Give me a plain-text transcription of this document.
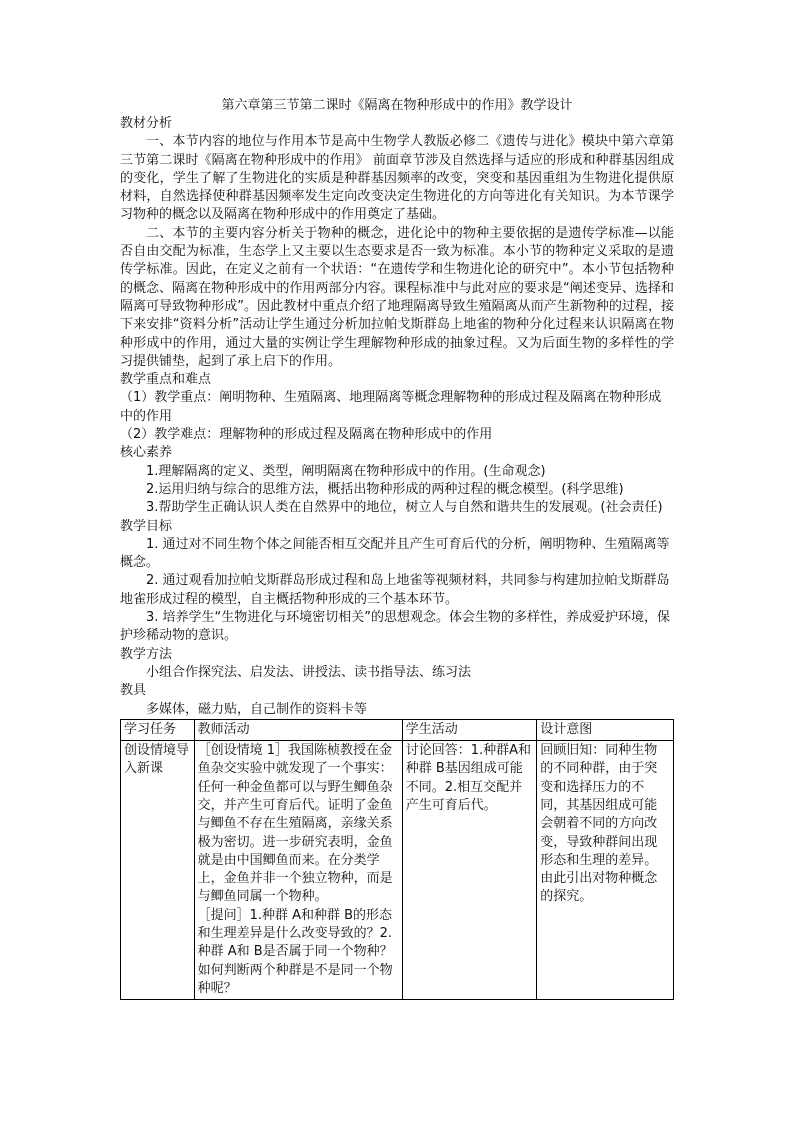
第六章第三节第二课时《隔离在物种形成中的作用》教学设计

教材分析

一、本节内容的地位与作用本节是高中生物学人教版必修二《遗传与进化》模块中第六章第三节第二课时《隔离在物种形成中的作用》 前面章节涉及自然选择与适应的形成和种群基因组成的变化，学生了解了生物进化的实质是种群基因频率的改变，突变和基因重组为生物进化提供原材料，自然选择使种群基因频率发生定向改变决定生物进化的方向等进化有关知识。为本节课学习物种的概念以及隔离在物种形成中的作用奠定了基础。

二、本节的主要内容分析关于物种的概念，进化论中的物种主要依据的是遗传学标准—以能否自由交配为标准，生态学上又主要以生态要求是否一致为标准。本小节的物种定义采取的是遗传学标准。因此，在定义之前有一个状语：“在遗传学和生物进化论的研究中”。本小节包括物种的概念、隔离在物种形成中的作用两部分内容。课程标准中与此对应的要求是“阐述变异、选择和隔离可导致物种形成”。因此教材中重点介绍了地理隔离导致生殖隔离从而产生新物种的过程，接下来安排“资料分析”活动让学生通过分析加拉帕戈斯群岛上地雀的物种分化过程来认识隔离在物种形成中的作用，通过大量的实例让学生理解物种形成的抽象过程。又为后面生物的多样性的学习提供铺垫，起到了承上启下的作用。

教学重点和难点

（1）教学重点：阐明物种、生殖隔离、地理隔离等概念理解物种的形成过程及隔离在物种形成中的作用

（2）教学难点：理解物种的形成过程及隔离在物种形成中的作用

核心素养

1.理解隔离的定义、类型，阐明隔离在物种形成中的作用。(生命观念)

2.运用归纳与综合的思维方法，概括出物种形成的两种过程的概念模型。(科学思维)

3.帮助学生正确认识人类在自然界中的地位，树立人与自然和谐共生的发展观。(社会责任)

教学目标

1. 通过对不同生物个体之间能否相互交配并且产生可育后代的分析，阐明物种、生殖隔离等概念。

2. 通过观看加拉帕戈斯群岛形成过程和岛上地雀等视频材料，共同参与构建加拉帕戈斯群岛地雀形成过程的模型，自主概括物种形成的三个基本环节。

3. 培养学生“生物进化与环境密切相关”的思想观念。体会生物的多样性，养成爱护环境，保护珍稀动物的意识。

教学方法

小组合作探究法、启发法、讲授法、读书指导法、练习法

教具

多媒体，磁力贴，自己制作的资料卡等

学习任务	教师活动	学生活动	设计意图
创设情境导入新课	［创设情境 1］我国陈桢教授在金鱼杂交实验中就发现了一个事实：任何一种金鱼都可以与野生鲫鱼杂交，并产生可育后代。证明了金鱼与鲫鱼不存在生殖隔离，亲缘关系极为密切。进一步研究表明，金鱼就是由中国鲫鱼而来。在分类学上，金鱼并非一个独立物种，而是与鲫鱼同属一个物种。
［提问］1.种群 A和种群 B的形态和生理差异是什么改变导致的？2. 种群 A和 B是否属于同一个物种？如何判断两个种群是不是同一个物种呢？	讨论回答：1.种群A和种群 B基因组成可能不同。2.相互交配并产生可育后代。	回顾旧知：同种生物的不同种群，由于突变和选择压力的不同，其基因组成可能会朝着不同的方向改变，导致种群间出现形态和生理的差异。由此引出对物种概念的探究。
